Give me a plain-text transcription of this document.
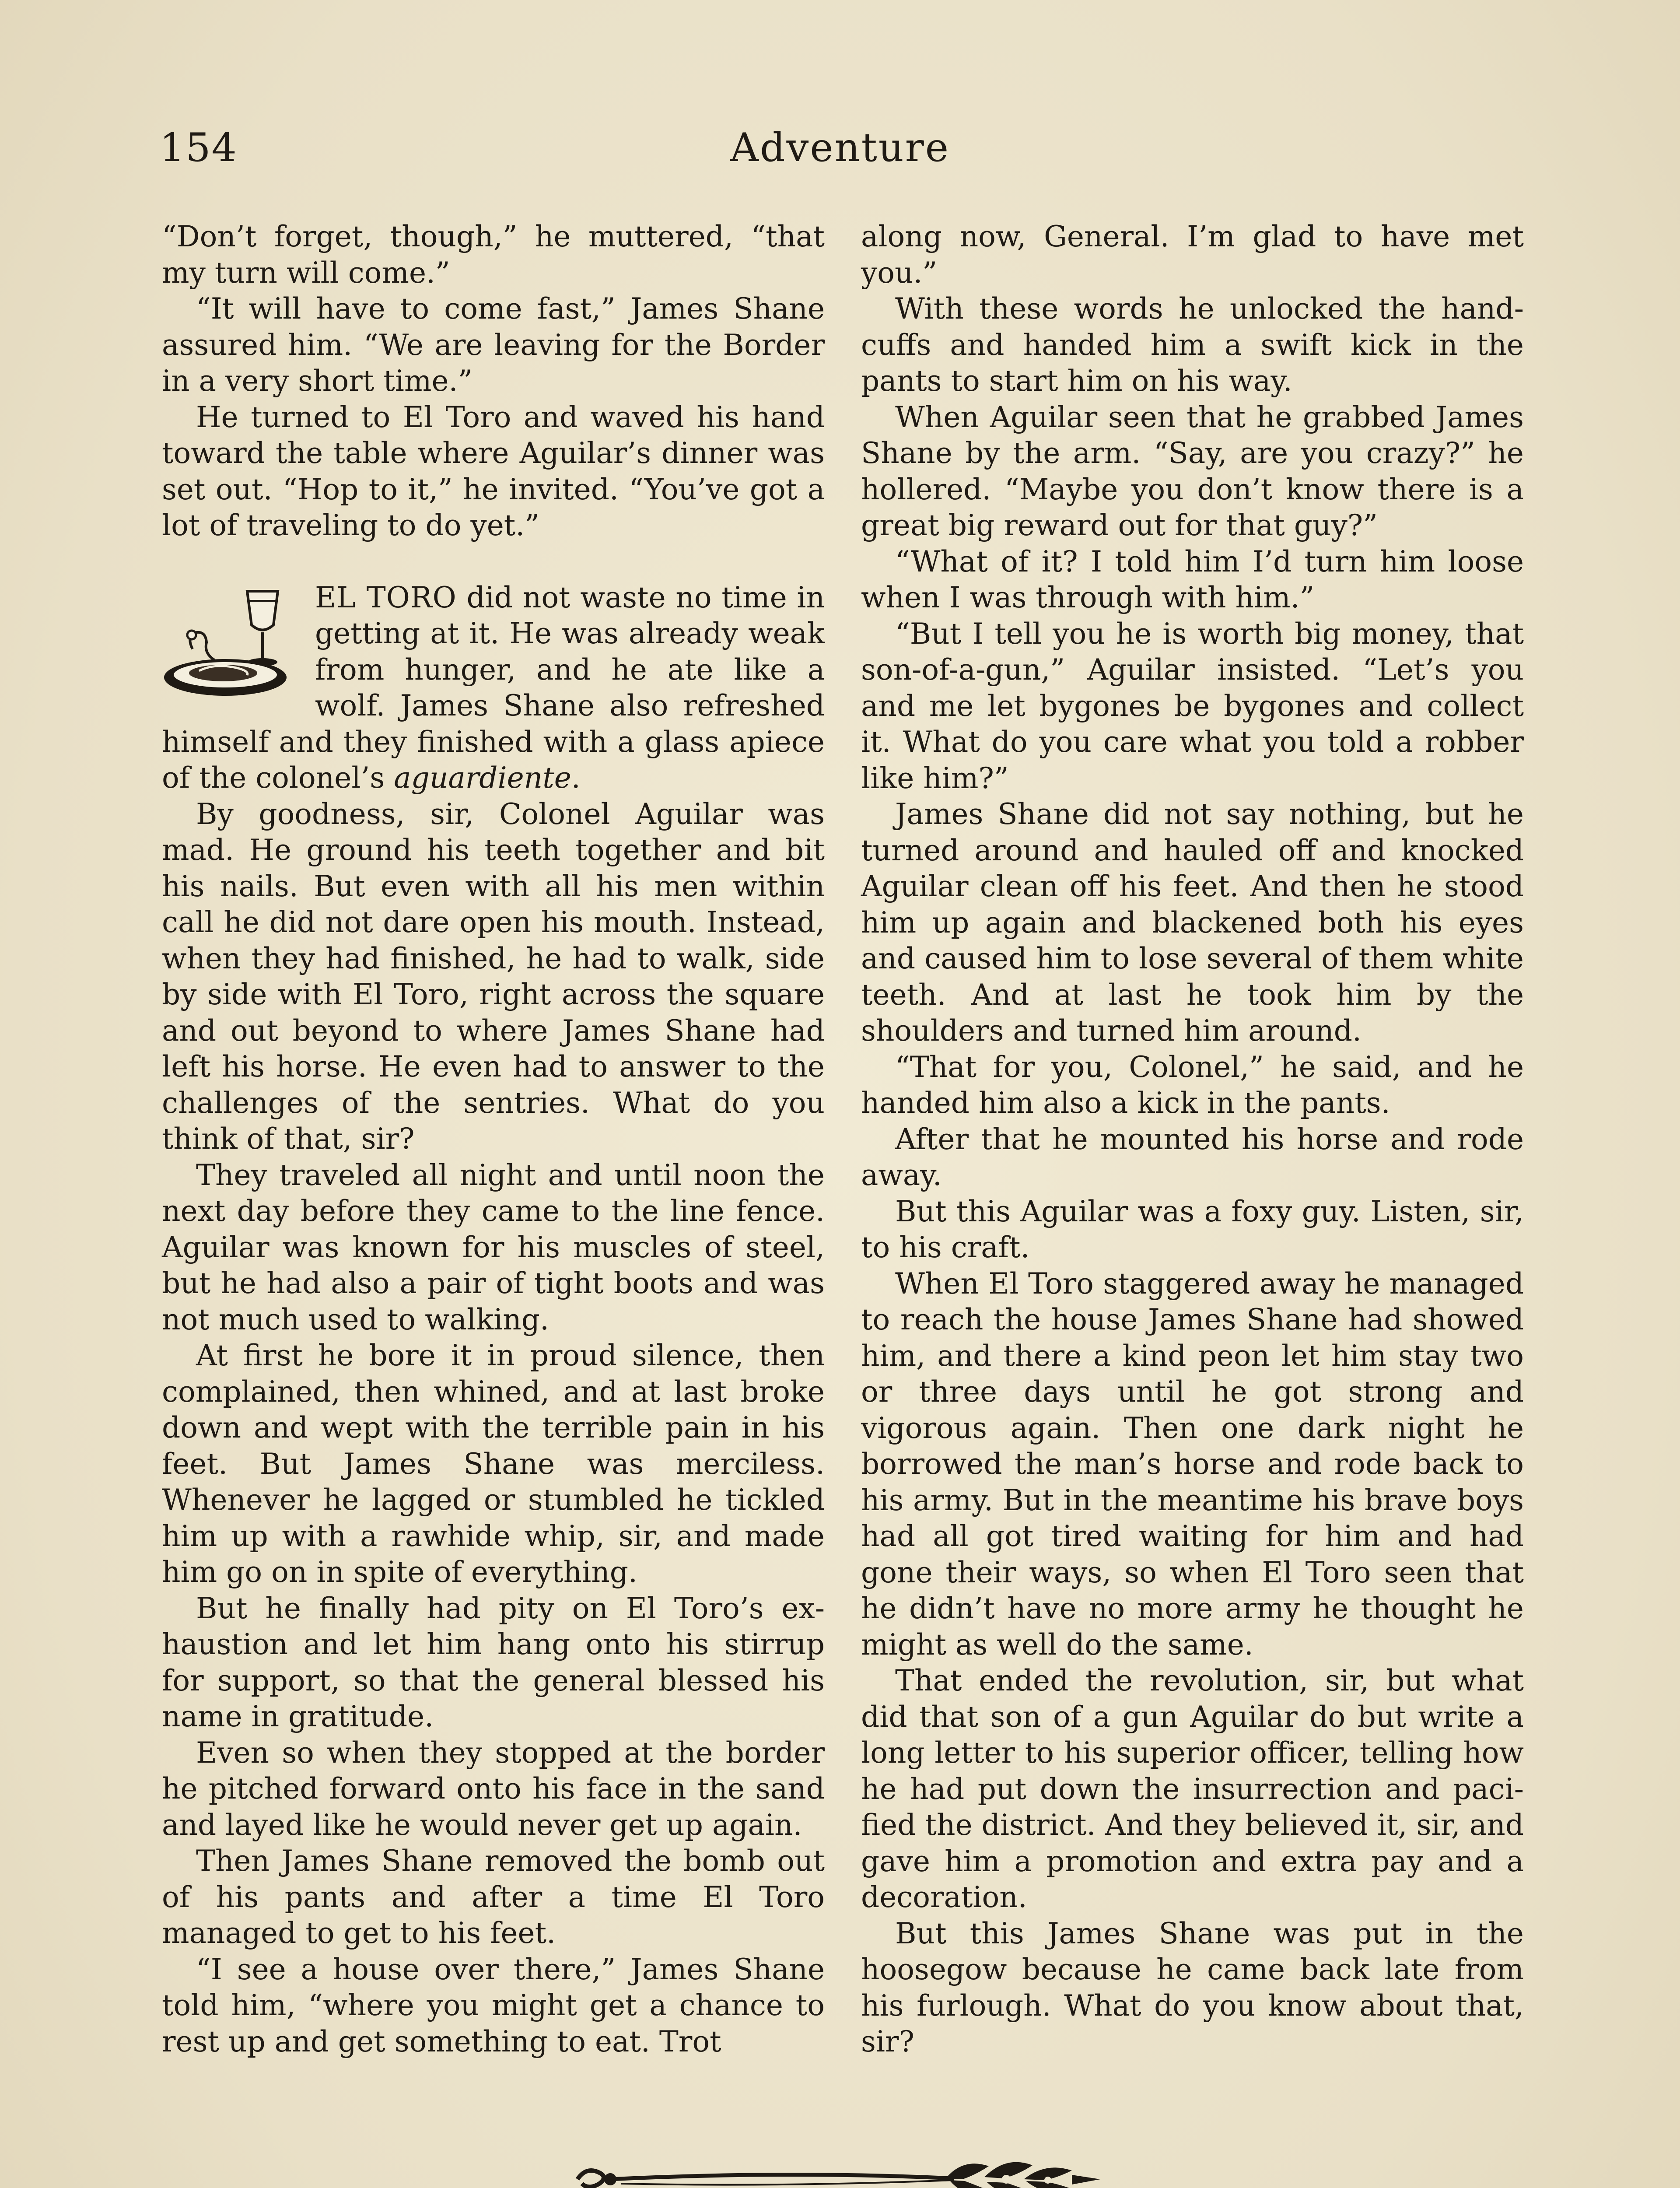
154	Adventure

“Don’t forget, though,” he muttered, “that my turn will come.”

“It will have to come fast,” James Shane assured him. “We are leaving for the Border in a very short time.”

He turned to El Toro and waved his hand toward the table where Aguilar’s dinner was set out. “Hop to it,” he invited. “You’ve got a lot of traveling to do yet.”

EL TORO did not waste no time in getting at it. He was already weak from hunger, and he ate like a wolf. James Shane also refreshed himself and they finished with a glass apiece of the colonel’s aguardiente.

By goodness, sir, Colonel Aguilar was mad. He ground his teeth together and bit his nails. But even with all his men within call he did not dare open his mouth. Instead, when they had finished, he had to walk, side by side with El Toro, right across the square and out beyond to where James Shane had left his horse. He even had to answer to the challenges of the sentries. What do you think of that, sir?

They traveled all night and until noon the next day before they came to the line fence. Aguilar was known for his muscles of steel, but he had also a pair of tight boots and was not much used to walking.

At first he bore it in proud silence, then complained, then whined, and at last broke down and wept with the terrible pain in his feet. But James Shane was merciless. Whenever he lagged or stumbled he tickled him up with a rawhide whip, sir, and made him go on in spite of everything.

But he finally had pity on El Toro’s exhaustion and let him hang onto his stirrup for support, so that the general blessed his name in gratitude.

Even so when they stopped at the border he pitched forward onto his face in the sand and layed like he would never get up again.

Then James Shane removed the bomb out of his pants and after a time El Toro managed to get to his feet.

“I see a house over there,” James Shane told him, “where you might get a chance to rest up and get something to eat. Trot

along now, General. I’m glad to have met you.”

With these words he unlocked the handcuffs and handed him a swift kick in the pants to start him on his way.

When Aguilar seen that he grabbed James Shane by the arm. “Say, are you crazy?” he hollered. “Maybe you don’t know there is a great big reward out for that guy?”

“What of it? I told him I’d turn him loose when I was through with him.”

“But I tell you he is worth big money, that son-of-a-gun,” Aguilar insisted. “Let’s you and me let bygones be bygones and collect it. What do you care what you told a robber like him?”

James Shane did not say nothing, but he turned around and hauled off and knocked Aguilar clean off his feet. And then he stood him up again and blackened both his eyes and caused him to lose several of them white teeth. And at last he took him by the shoulders and turned him around.

“That for you, Colonel,” he said, and he handed him also a kick in the pants.

After that he mounted his horse and rode away.

But this Aguilar was a foxy guy. Listen, sir, to his craft.

When El Toro staggered away he managed to reach the house James Shane had showed him, and there a kind peon let him stay two or three days until he got strong and vigorous again. Then one dark night he borrowed the man’s horse and rode back to his army. But in the meantime his brave boys had all got tired waiting for him and had gone their ways, so when El Toro seen that he didn’t have no more army he thought he might as well do the same.

That ended the revolution, sir, but what did that son of a gun Aguilar do but write a long letter to his superior officer, telling how he had put down the insurrection and pacified the district. And they believed it, sir, and gave him a promotion and extra pay and a decoration.

But this James Shane was put in the hoosegow because he came back late from his furlough. What do you know about that, sir?
